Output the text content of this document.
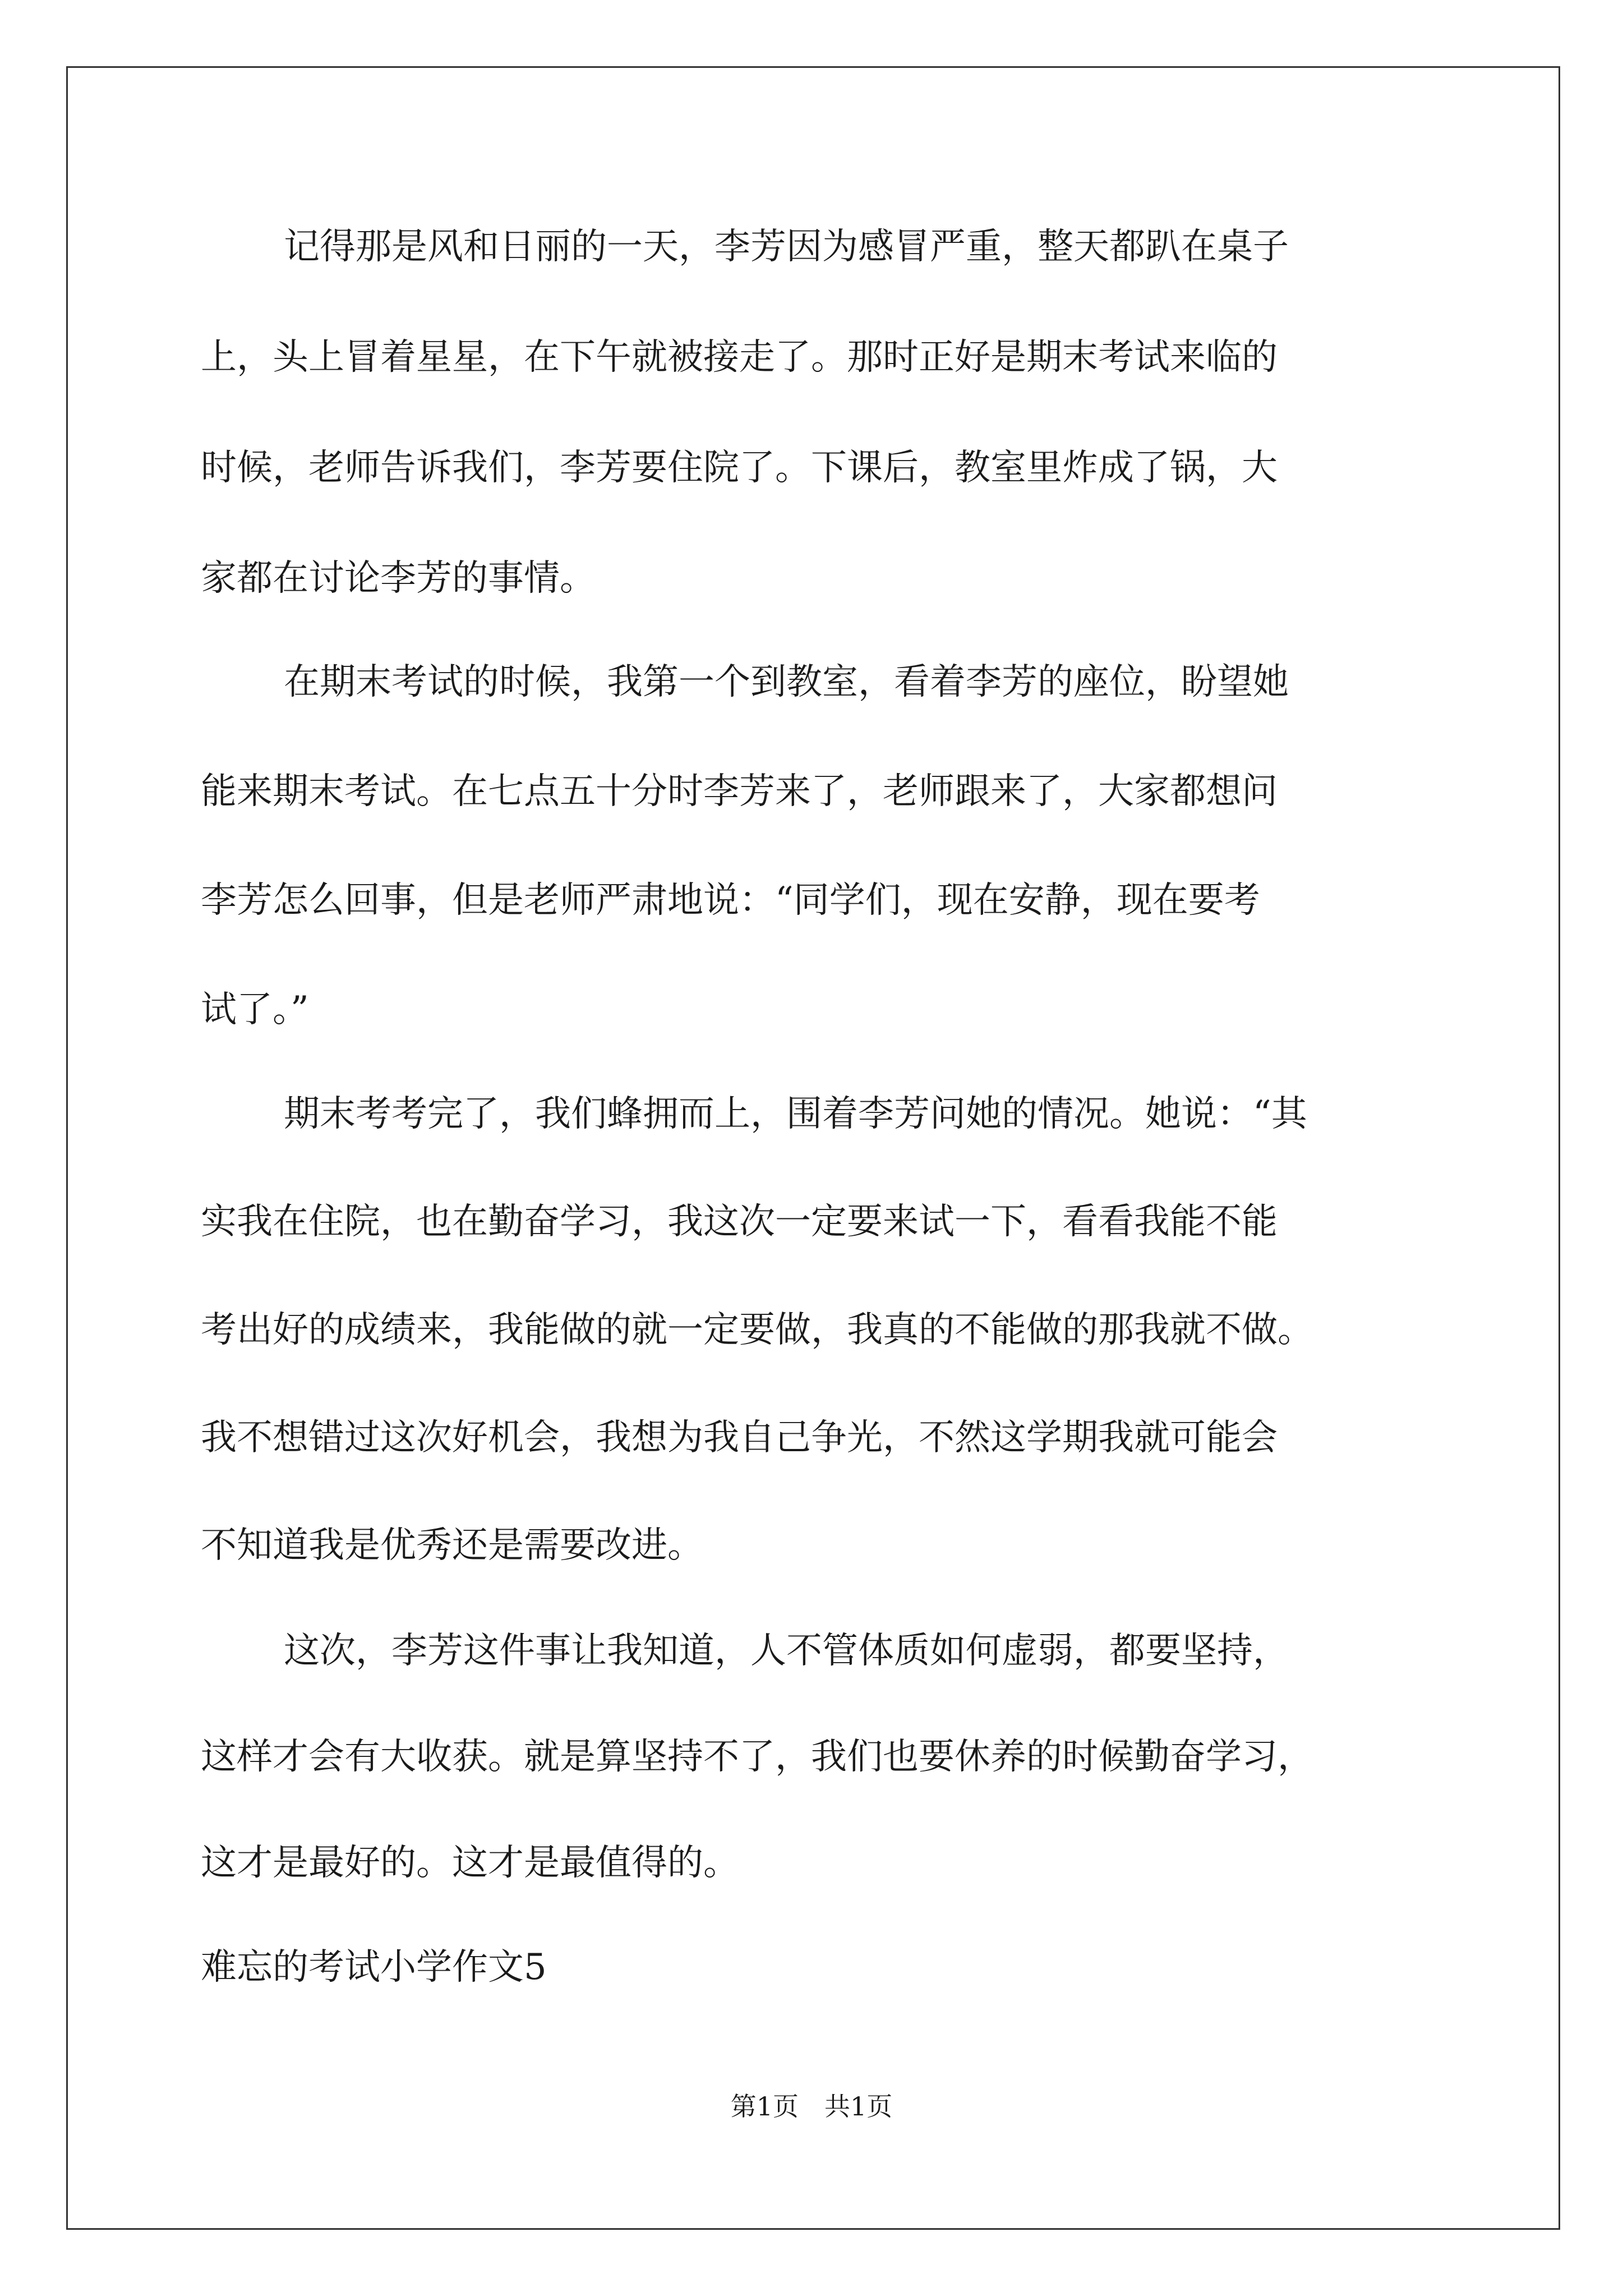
记得那是风和日丽的一天，李芳因为感冒严重，整天都趴在桌子
上，头上冒着星星，在下午就被接走了。那时正好是期末考试来临的
时候，老师告诉我们，李芳要住院了。下课后，教室里炸成了锅，大
家都在讨论李芳的事情。
在期末考试的时候，我第一个到教室，看着李芳的座位，盼望她
能来期末考试。在七点五十分时李芳来了，老师跟来了，大家都想问
李芳怎么回事，但是老师严肃地说：“同学们，现在安静，现在要考
试了。”
期末考考完了，我们蜂拥而上，围着李芳问她的情况。她说：“其
实我在住院，也在勤奋学习，我这次一定要来试一下，看看我能不能
考出好的成绩来，我能做的就一定要做，我真的不能做的那我就不做。
我不想错过这次好机会，我想为我自己争光，不然这学期我就可能会
不知道我是优秀还是需要改进。
这次，李芳这件事让我知道，人不管体质如何虚弱，都要坚持，
这样才会有大收获。就是算坚持不了，我们也要休养的时候勤奋学习，
这才是最好的。这才是最值得的。
难忘的考试小学作文5
第1页　共1页
